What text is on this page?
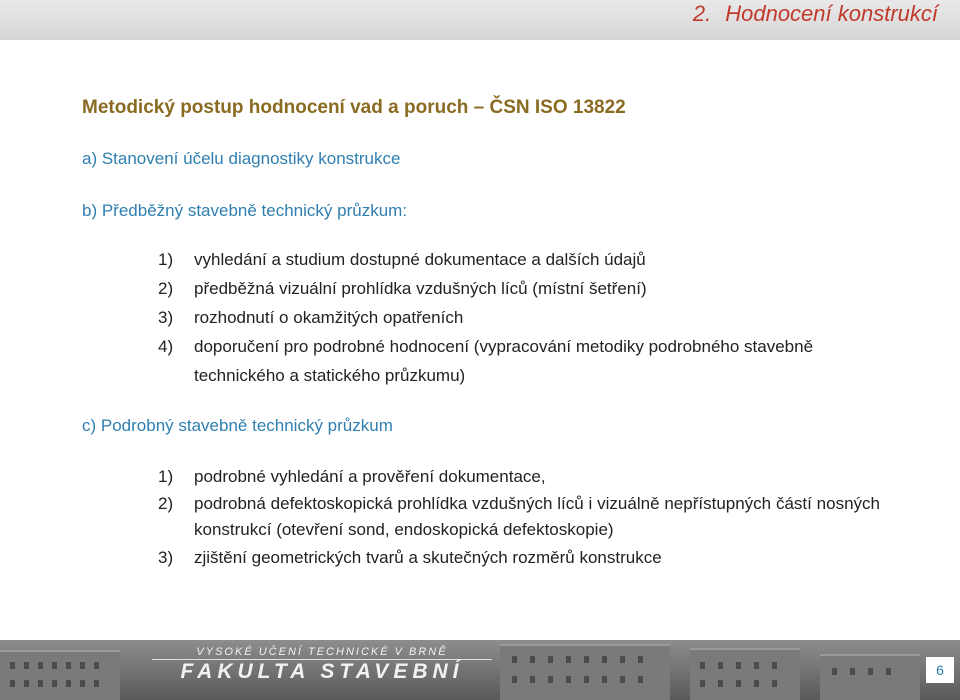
2. Hodnocení konstrukcí
Metodický postup hodnocení vad a poruch – ČSN ISO 13822
a) Stanovení účelu diagnostiky konstrukce
b) Předběžný stavebně technický průzkum:
1) vyhledání a studium dostupné dokumentace a dalších údajů
2) předběžná vizuální prohlídka vzdušných líců (místní šetření)
3) rozhodnutí o okamžitých opatřeních
4) doporučení pro podrobné hodnocení (vypracování metodiky podrobného stavebně technického a statického průzkumu)
c) Podrobný stavebně technický průzkum
1) podrobné vyhledání a prověření dokumentace,
2) podrobná defektoskopická prohlídka vzdušných líců i vizuálně nepřístupných částí nosných konstrukcí (otevření sond, endoskopická defektoskopie)
3) zjištění geometrických tvarů a skutečných rozměrů konstrukce
VYSOKÉ UČENÍ TECHNICKÉ V BRNĚ
FAKULTA STAVEBNÍ	6
